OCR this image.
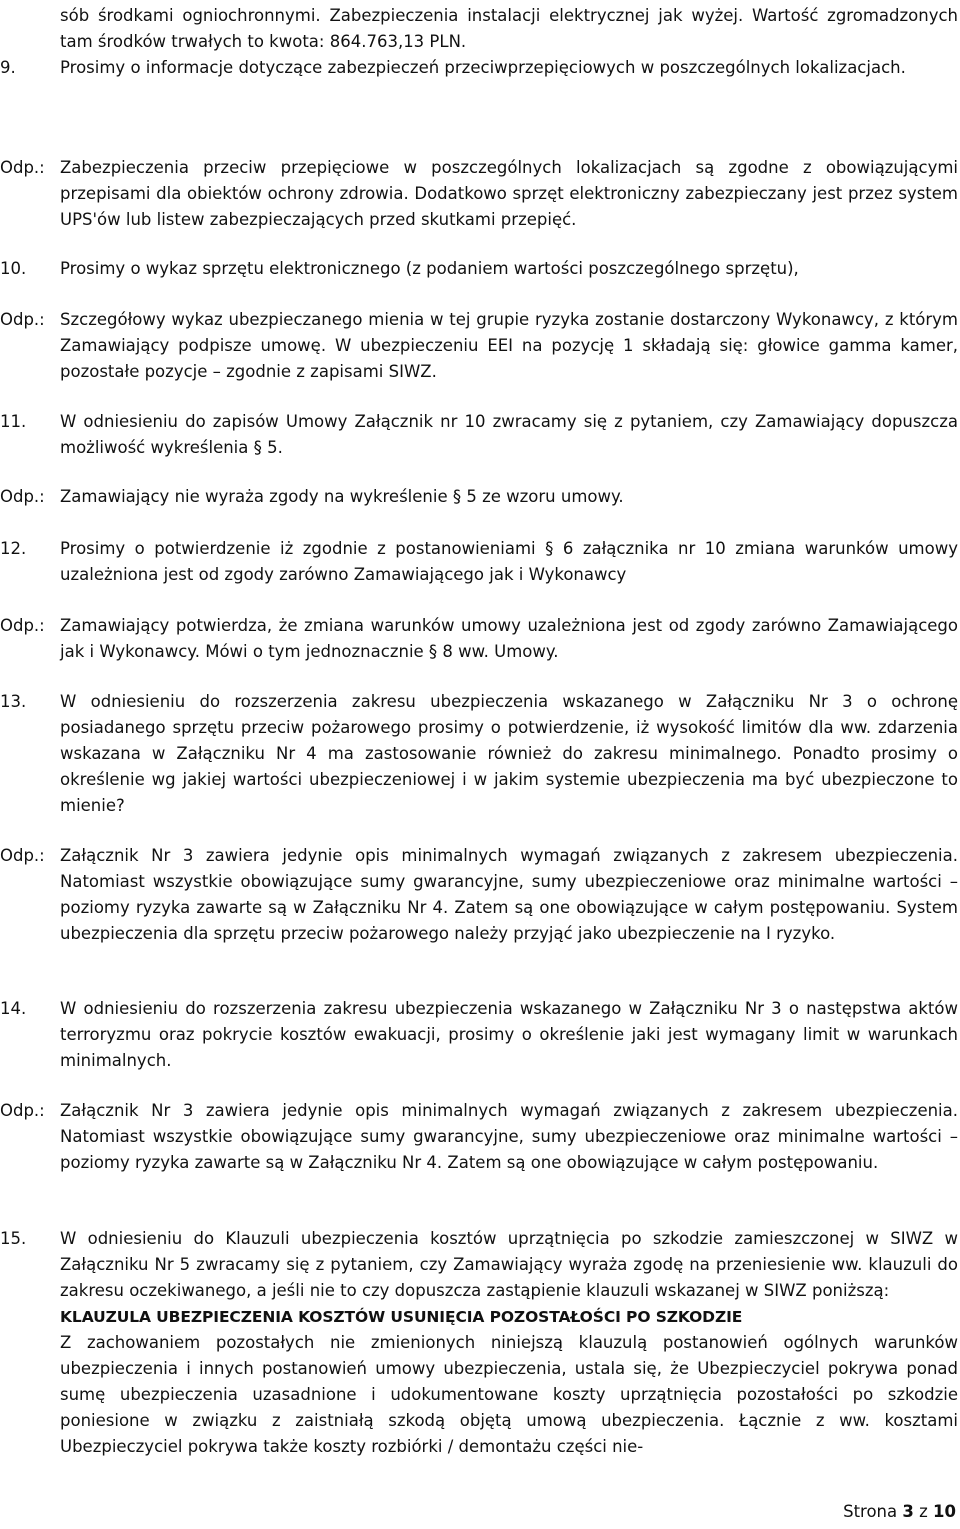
sób środkami ogniochronnymi. Zabezpieczenia instalacji elektrycznej jak wyżej. Wartość zgromadzonych tam środków trwałych to kwota: 864.763,13 PLN.
9.	Prosimy o informacje dotyczące zabezpieczeń przeciwprzepięciowych w poszczególnych lokalizacjach.
Odp.: Zabezpieczenia przeciw przepięciowe w poszczególnych lokalizacjach są zgodne z obowiązującymi przepisami dla obiektów ochrony zdrowia. Dodatkowo sprzęt elektroniczny zabezpieczany jest przez system UPS'ów lub listew zabezpieczających przed skutkami przepięć.
10.	Prosimy o wykaz sprzętu elektronicznego (z podaniem wartości poszczególnego sprzętu),
Odp.: Szczegółowy wykaz ubezpieczanego mienia w tej grupie ryzyka zostanie dostarczony Wykonawcy, z którym Zamawiający podpisze umowę. W ubezpieczeniu EEI na pozycję 1 składają się: głowice gamma kamer, pozostałe pozycje – zgodnie z zapisami SIWZ.
11.	W odniesieniu do zapisów Umowy Załącznik nr 10 zwracamy się z pytaniem, czy Zamawiający dopuszcza możliwość wykreślenia § 5.
Odp.: Zamawiający nie wyraża zgody na wykreślenie § 5 ze wzoru umowy.
12.	Prosimy o potwierdzenie iż zgodnie z postanowieniami § 6 załącznika nr 10 zmiana warunków umowy uzależniona jest od zgody zarówno Zamawiającego jak i Wykonawcy
Odp.: Zamawiający potwierdza, że zmiana warunków umowy uzależniona jest od zgody zarówno Zamawiającego jak i Wykonawcy. Mówi o tym jednoznacznie § 8 ww. Umowy.
13.	W odniesieniu do rozszerzenia zakresu ubezpieczenia wskazanego w Załączniku Nr 3 o ochronę posiadanego sprzętu przeciw pożarowego prosimy o potwierdzenie, iż wysokość limitów dla ww. zdarzenia wskazana w Załączniku Nr 4 ma zastosowanie również do zakresu minimalnego. Ponadto prosimy o określenie wg jakiej wartości ubezpieczeniowej i w jakim systemie ubezpieczenia ma być ubezpieczone to mienie?
Odp.: Załącznik Nr 3 zawiera jedynie opis minimalnych wymagań związanych z zakresem ubezpieczenia. Natomiast wszystkie obowiązujące sumy gwarancyjne, sumy ubezpieczeniowe oraz minimalne wartości – poziomy ryzyka zawarte są w Załączniku Nr 4. Zatem są one obowiązujące w całym postępowaniu. System ubezpieczenia dla sprzętu przeciw pożarowego należy przyjąć jako ubezpieczenie na I ryzyko.
14.	W odniesieniu do rozszerzenia zakresu ubezpieczenia wskazanego w Załączniku Nr 3 o następstwa aktów terroryzmu oraz pokrycie kosztów ewakuacji, prosimy o określenie jaki jest wymagany limit w warunkach minimalnych.
Odp.: Załącznik Nr 3 zawiera jedynie opis minimalnych wymagań związanych z zakresem ubezpieczenia. Natomiast wszystkie obowiązujące sumy gwarancyjne, sumy ubezpieczeniowe oraz minimalne wartości – poziomy ryzyka zawarte są w Załączniku Nr 4. Zatem są one obowiązujące w całym postępowaniu.
15.	W odniesieniu do Klauzuli ubezpieczenia kosztów uprzątnięcia po szkodzie zamieszczonej w SIWZ w Załączniku Nr 5 zwracamy się z pytaniem, czy Zamawiający wyraża zgodę na przeniesienie ww. klauzuli do zakresu oczekiwanego, a jeśli nie to czy dopuszcza zastąpienie klauzuli wskazanej w SIWZ poniższą:
KLAUZULA UBEZPIECZENIA KOSZTÓW USUNIĘCIA POZOSTAŁOŚCI PO SZKODZIE
Z zachowaniem pozostałych nie zmienionych niniejszą klauzulą postanowień ogólnych warunków ubezpieczenia i innych postanowień umowy ubezpieczenia, ustala się, że Ubezpieczyciel pokrywa ponad sumę ubezpieczenia uzasadnione i udokumentowane koszty uprzątnięcia pozostałości po szkodzie poniesione w związku z zaistniałą szkodą objętą umową ubezpieczenia. Łącznie z ww. kosztami Ubezpieczyciel pokrywa także koszty rozbiórki / demontażu części nie-
Strona 3 z 10
